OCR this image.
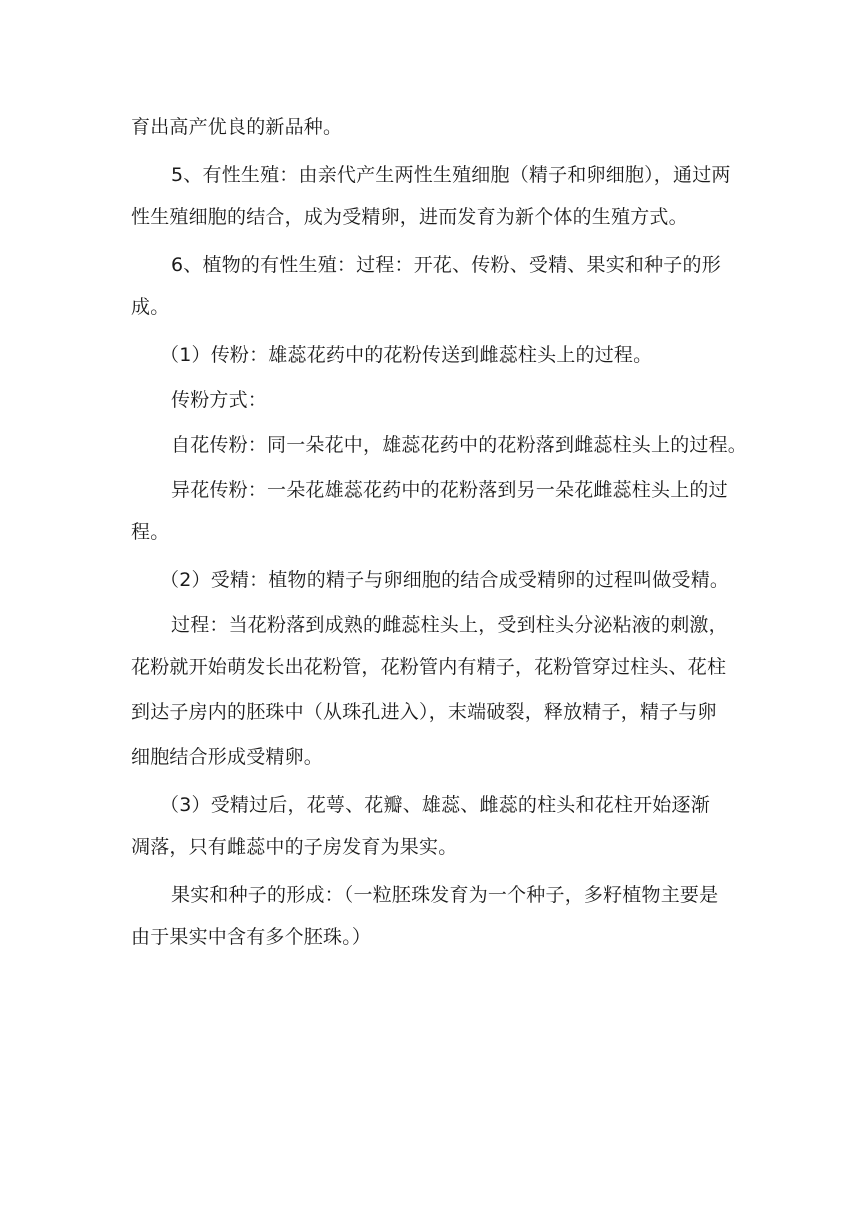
育出高产优良的新品种。
5、有性生殖：由亲代产生两性生殖细胞（精子和卵细胞），通过两
性生殖细胞的结合，成为受精卵，进而发育为新个体的生殖方式。
6、植物的有性生殖：过程：开花、传粉、受精、果实和种子的形
成。
（1）传粉：雄蕊花药中的花粉传送到雌蕊柱头上的过程。
传粉方式：
自花传粉：同一朵花中，雄蕊花药中的花粉落到雌蕊柱头上的过程。
异花传粉：一朵花雄蕊花药中的花粉落到另一朵花雌蕊柱头上的过
程。
（2）受精：植物的精子与卵细胞的结合成受精卵的过程叫做受精。
过程：当花粉落到成熟的雌蕊柱头上，受到柱头分泌粘液的刺激，
花粉就开始萌发长出花粉管，花粉管内有精子，花粉管穿过柱头、花柱
到达子房内的胚珠中（从珠孔进入），末端破裂，释放精子，精子与卵
细胞结合形成受精卵。
（3）受精过后，花萼、花瓣、雄蕊、雌蕊的柱头和花柱开始逐渐
凋落，只有雌蕊中的子房发育为果实。
果实和种子的形成：（一粒胚珠发育为一个种子，多籽植物主要是
由于果实中含有多个胚珠。）
